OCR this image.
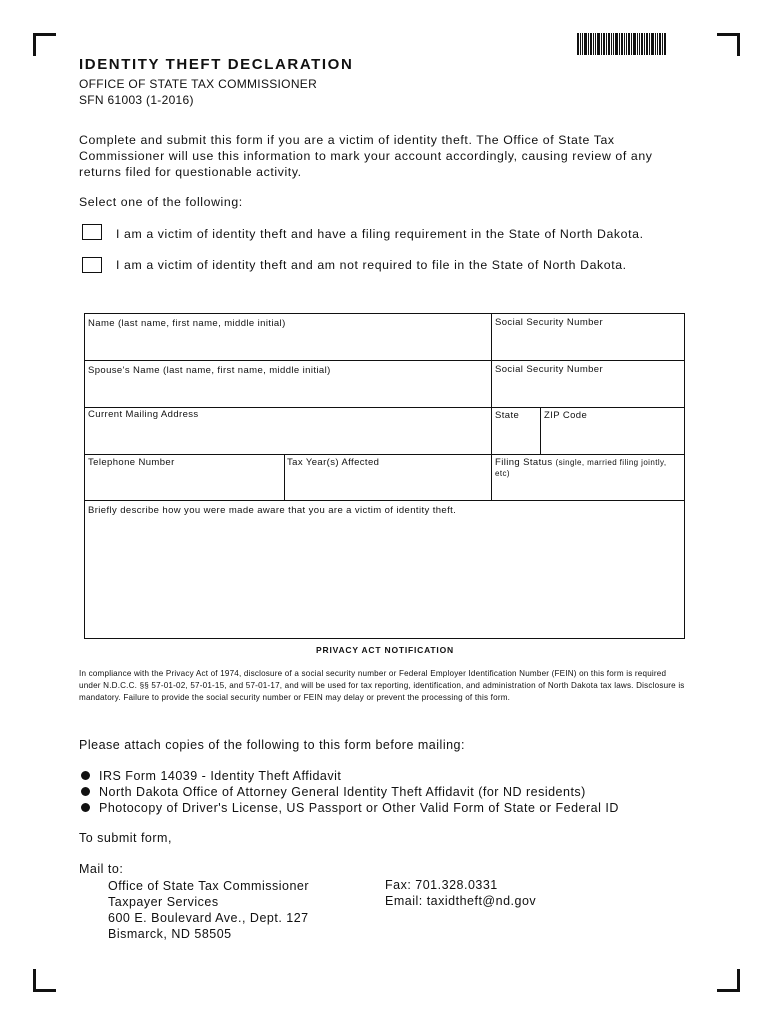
IDENTITY THEFT DECLARATION
OFFICE OF STATE TAX COMMISSIONER
SFN 61003 (1-2016)
Complete and submit this form if you are a victim of identity theft. The Office of State Tax Commissioner will use this information to mark your account accordingly, causing review of any returns filed for questionable activity.
Select one of the following:
I am a victim of identity theft and have a filing requirement in the State of North Dakota.
I am a victim of identity theft and am not required to file in the State of North Dakota.
Name (last name, first name, middle initial)	Social Security Number
Spouse's Name (last name, first name, middle initial)	Social Security Number
Current Mailing Address	State	ZIP Code
Telephone Number	Tax Year(s) Affected	Filing Status (single, married filing jointly, etc)
Briefly describe how you were made aware that you are a victim of identity theft.
PRIVACY ACT NOTIFICATION
In compliance with the Privacy Act of 1974, disclosure of a social security number or Federal Employer Identification Number (FEIN) on this form is required under N.D.C.C. §§ 57-01-02, 57-01-15, and 57-01-17, and will be used for tax reporting, identification, and administration of North Dakota tax laws. Disclosure is mandatory. Failure to provide the social security number or FEIN may delay or prevent the processing of this form.
Please attach copies of the following to this form before mailing:
IRS Form 14039 - Identity Theft Affidavit
North Dakota Office of Attorney General Identity Theft Affidavit (for ND residents)
Photocopy of Driver's License, US Passport or Other Valid Form of State or Federal ID
To submit form,
Mail to:
Office of State Tax Commissioner
Taxpayer Services
600 E. Boulevard Ave., Dept. 127
Bismarck, ND 58505
Fax: 701.328.0331
Email: taxidtheft@nd.gov
